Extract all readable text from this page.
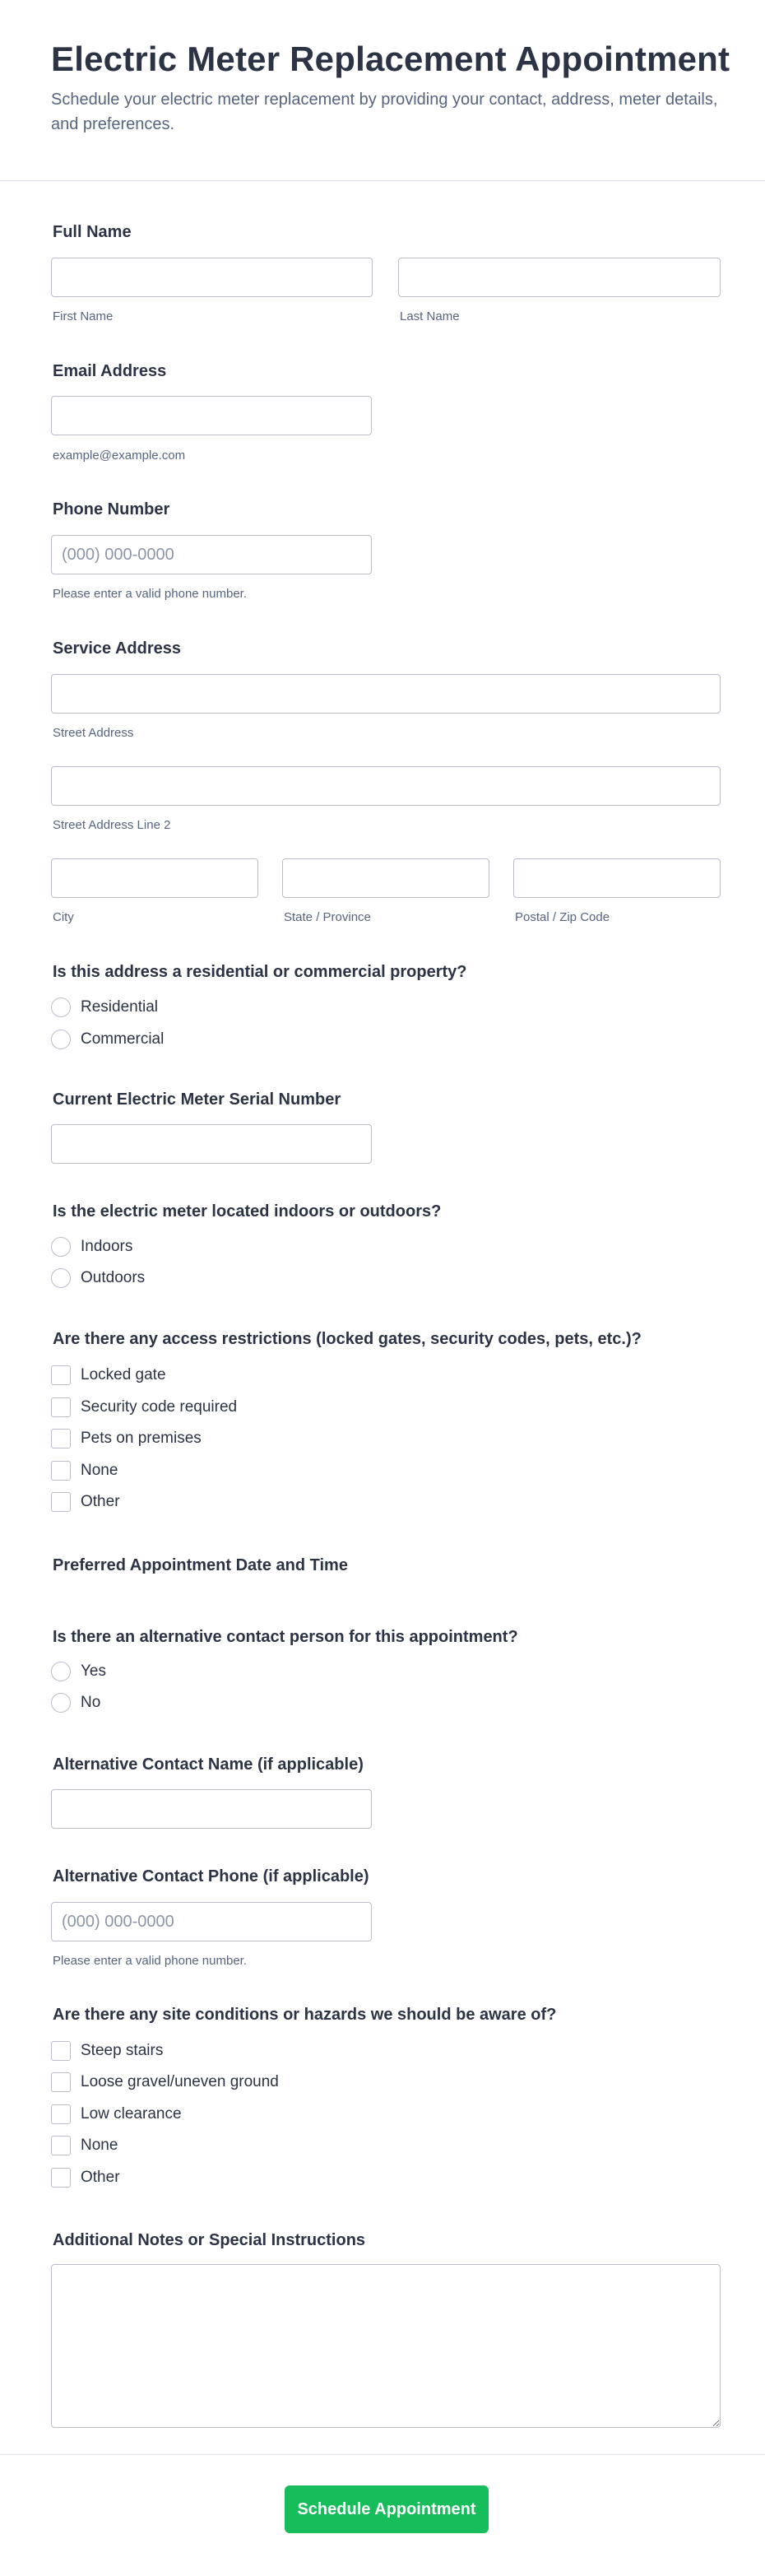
Electric Meter Replacement Appointment
Schedule your electric meter replacement by providing your contact, address, meter details, and preferences.
Full Name
First Name	Last Name
Email Address
example@example.com
Phone Number
(000) 000-0000
Please enter a valid phone number.
Service Address
Street Address
Street Address Line 2
City	State / Province	Postal / Zip Code
Is this address a residential or commercial property?
Residential
Commercial
Current Electric Meter Serial Number
Is the electric meter located indoors or outdoors?
Indoors
Outdoors
Are there any access restrictions (locked gates, security codes, pets, etc.)?
Locked gate
Security code required
Pets on premises
None
Other
Preferred Appointment Date and Time
Is there an alternative contact person for this appointment?
Yes
No
Alternative Contact Name (if applicable)
Alternative Contact Phone (if applicable)
(000) 000-0000
Please enter a valid phone number.
Are there any site conditions or hazards we should be aware of?
Steep stairs
Loose gravel/uneven ground
Low clearance
None
Other
Additional Notes or Special Instructions
Schedule Appointment
